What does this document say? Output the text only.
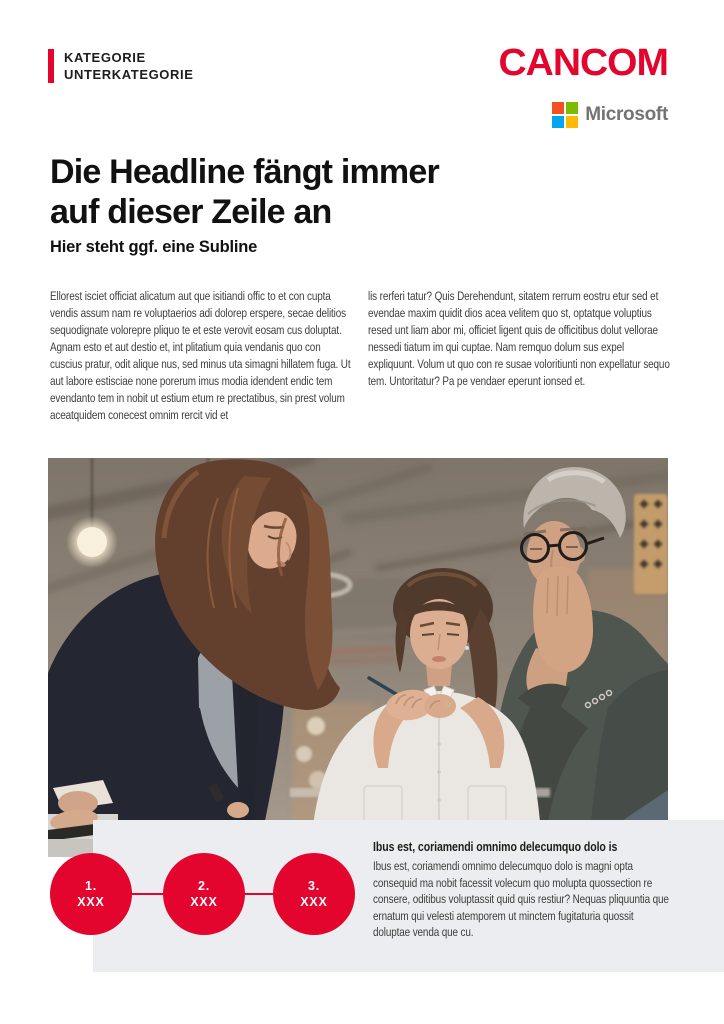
KATEGORIE
UNTERKATEGORIE	CANCOM
Microsoft
Die Headline fängt immer
auf dieser Zeile an
Hier steht ggf. eine Subline

Ellorest isciet officiat alicatum aut que isitiandi offic to et con cupta vendis assum nam re voluptaerios adi dolorep erspere, secae delitios sequodignate volorepre pliquo te et este verovit eosam cus doluptat. Agnam esto et aut destio et, int plitatium quia vendanis quo con cuscius pratur, odit alique nus, sed minus uta simagni hillatem fuga. Ut aut labore estisciae none porerum imus modia idendent endic tem evendanto tem in nobit ut estium etum re prectatibus, sin prest volum aceatquidem conecest omnim rercit vid et

lis rerferi tatur? Quis Derehendunt, sitatem rerrum eostru etur sed et evendae maxim quidit dios acea velitem quo st, optatque voluptius resed unt liam abor mi, officiet ligent quis de officitibus dolut vellorae nessedi tiatum im qui cuptae. Nam remquo dolum sus expel expliquunt. Volum ut quo con re susae voloritiunti non expellatur sequo tem. Untoritatur? Pa pe vendaer eperunt ionsed et.

1.
XXX
2.
XXX
3.
XXX
Ibus est, coriamendi omnimo delecumquo dolo is
Ibus est, coriamendi omnimo delecumquo dolo is magni opta consequid ma nobit facessit volecum quo molupta quossection re consere, oditibus voluptassit quid quis restiur? Nequas pliquuntia que ernatum qui velesti atemporem ut minctem fugitaturia quossit doluptae venda que cu.
